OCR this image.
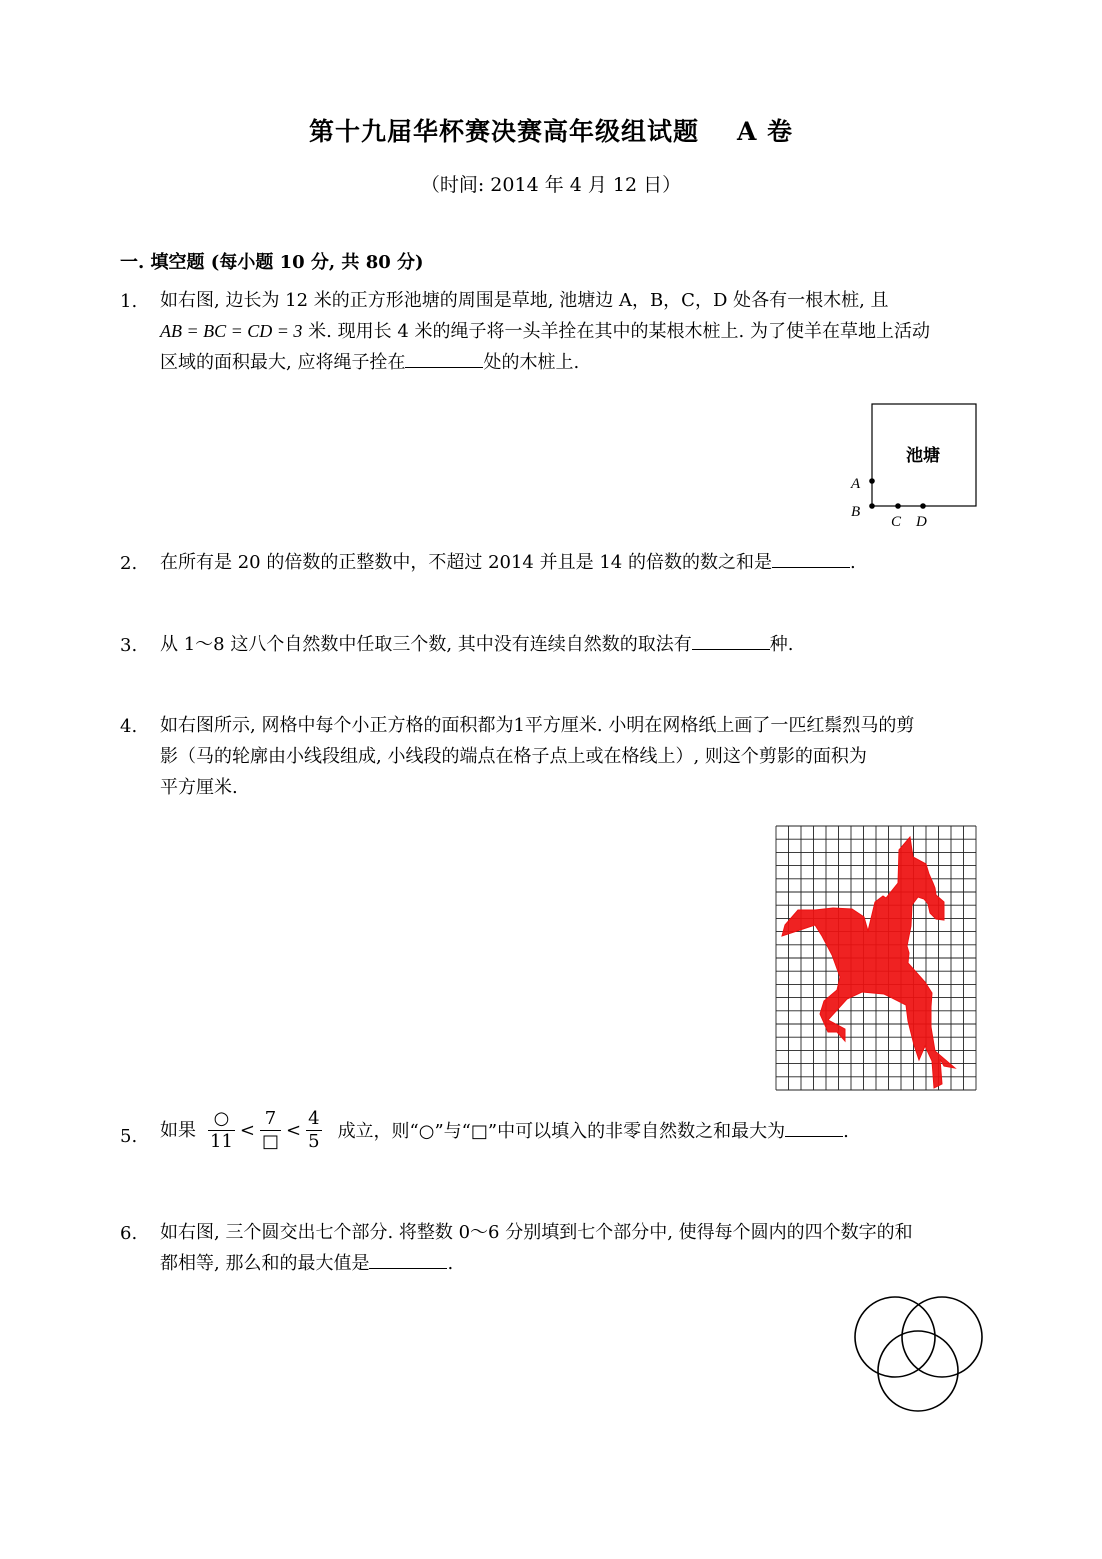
第十九届华杯赛决赛高年级组试题 A 卷
（时间: 2014 年 4 月 12 日）
一. 填空题 (每小题 10 分, 共 80 分)
1. 如右图, 边长为 12 米的正方形池塘的周围是草地, 池塘边 A，B，C，D 处各有一根木桩, 且
AB = BC = CD = 3 米. 现用长 4 米的绳子将一头羊拴在其中的某根木桩上. 为了使羊在草地上活动
区域的面积最大, 应将绳子拴在	处的木桩上.
池塘
A
B
C D
2. 在所有是 20 的倍数的正整数中，不超过 2014 并且是 14 的倍数的数之和是	.
3. 从 1～8 这八个自然数中任取三个数, 其中没有连续自然数的取法有	种.
4. 如右图所示, 网格中每个小正方格的面积都为1平方厘米. 小明在网格纸上画了一匹红鬃烈马的剪
影（马的轮廓由小线段组成, 小线段的端点在格子点上或在格线上）, 则这个剪影的面积为
平方厘米.
5. 如果 $\frac{○}{11} < \frac{7}{□} < \frac{4}{5}$ 成立，则“○”与“□”中可以填入的非零自然数之和最大为	.
6. 如右图, 三个圆交出七个部分. 将整数 0～6 分别填到七个部分中, 使得每个圆内的四个数字的和
都相等, 那么和的最大值是	.
